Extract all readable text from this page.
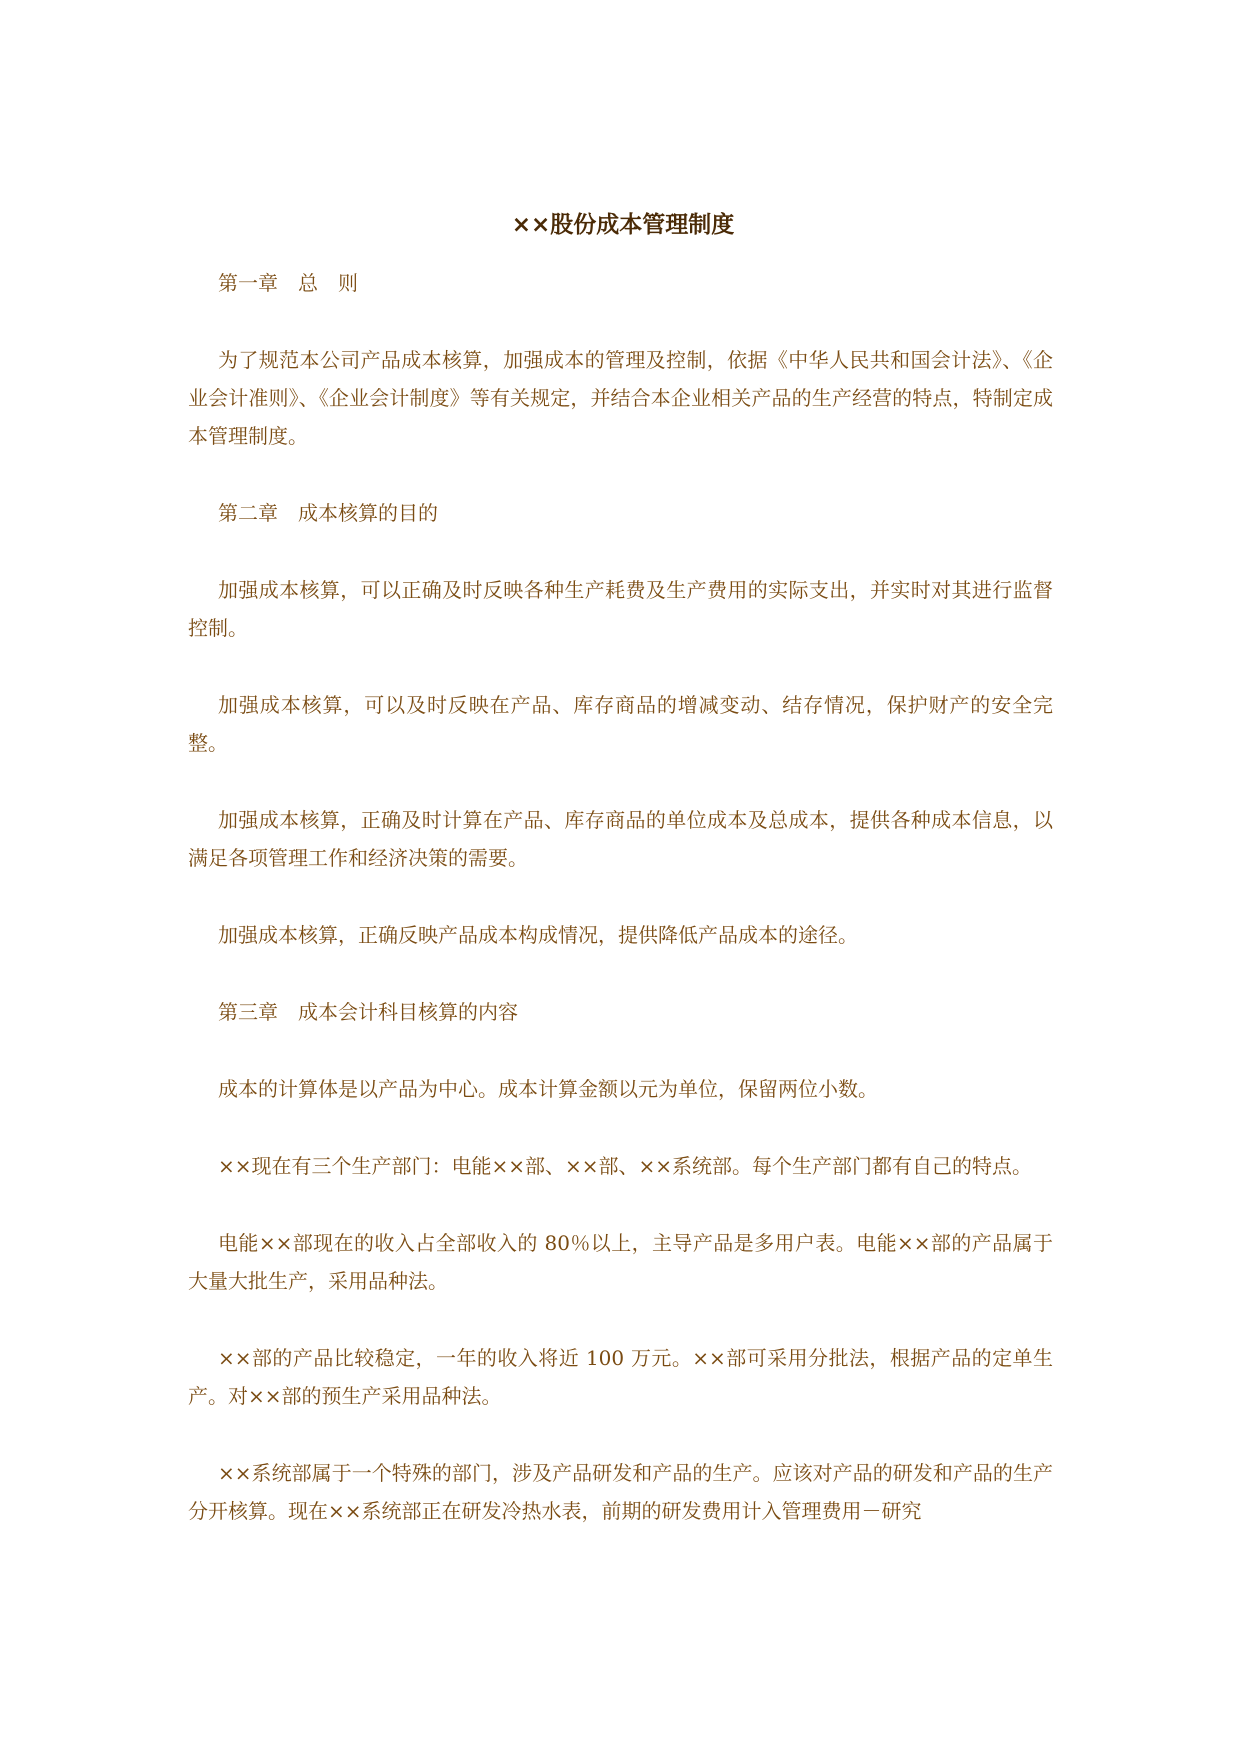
××股份成本管理制度

第一章　总　则

为了规范本公司产品成本核算，加强成本的管理及控制，依据《中华人民共和国会计法》、《企业会计准则》、《企业会计制度》等有关规定，并结合本企业相关产品的生产经营的特点，特制定成本管理制度。

第二章　成本核算的目的

加强成本核算，可以正确及时反映各种生产耗费及生产费用的实际支出，并实时对其进行监督控制。

加强成本核算，可以及时反映在产品、库存商品的增减变动、结存情况，保护财产的安全完整。

加强成本核算，正确及时计算在产品、库存商品的单位成本及总成本，提供各种成本信息，以满足各项管理工作和经济决策的需要。

加强成本核算，正确反映产品成本构成情况，提供降低产品成本的途径。

第三章　成本会计科目核算的内容

成本的计算体是以产品为中心。成本计算金额以元为单位，保留两位小数。

××现在有三个生产部门：电能××部、××部、××系统部。每个生产部门都有自己的特点。

电能××部现在的收入占全部收入的 80％以上，主导产品是多用户表。电能××部的产品属于大量大批生产，采用品种法。

××部的产品比较稳定，一年的收入将近 100 万元。××部可采用分批法，根据产品的定单生产。对××部的预生产采用品种法。

××系统部属于一个特殊的部门，涉及产品研发和产品的生产。应该对产品的研发和产品的生产分开核算。现在××系统部正在研发冷热水表，前期的研发费用计入管理费用－研究
